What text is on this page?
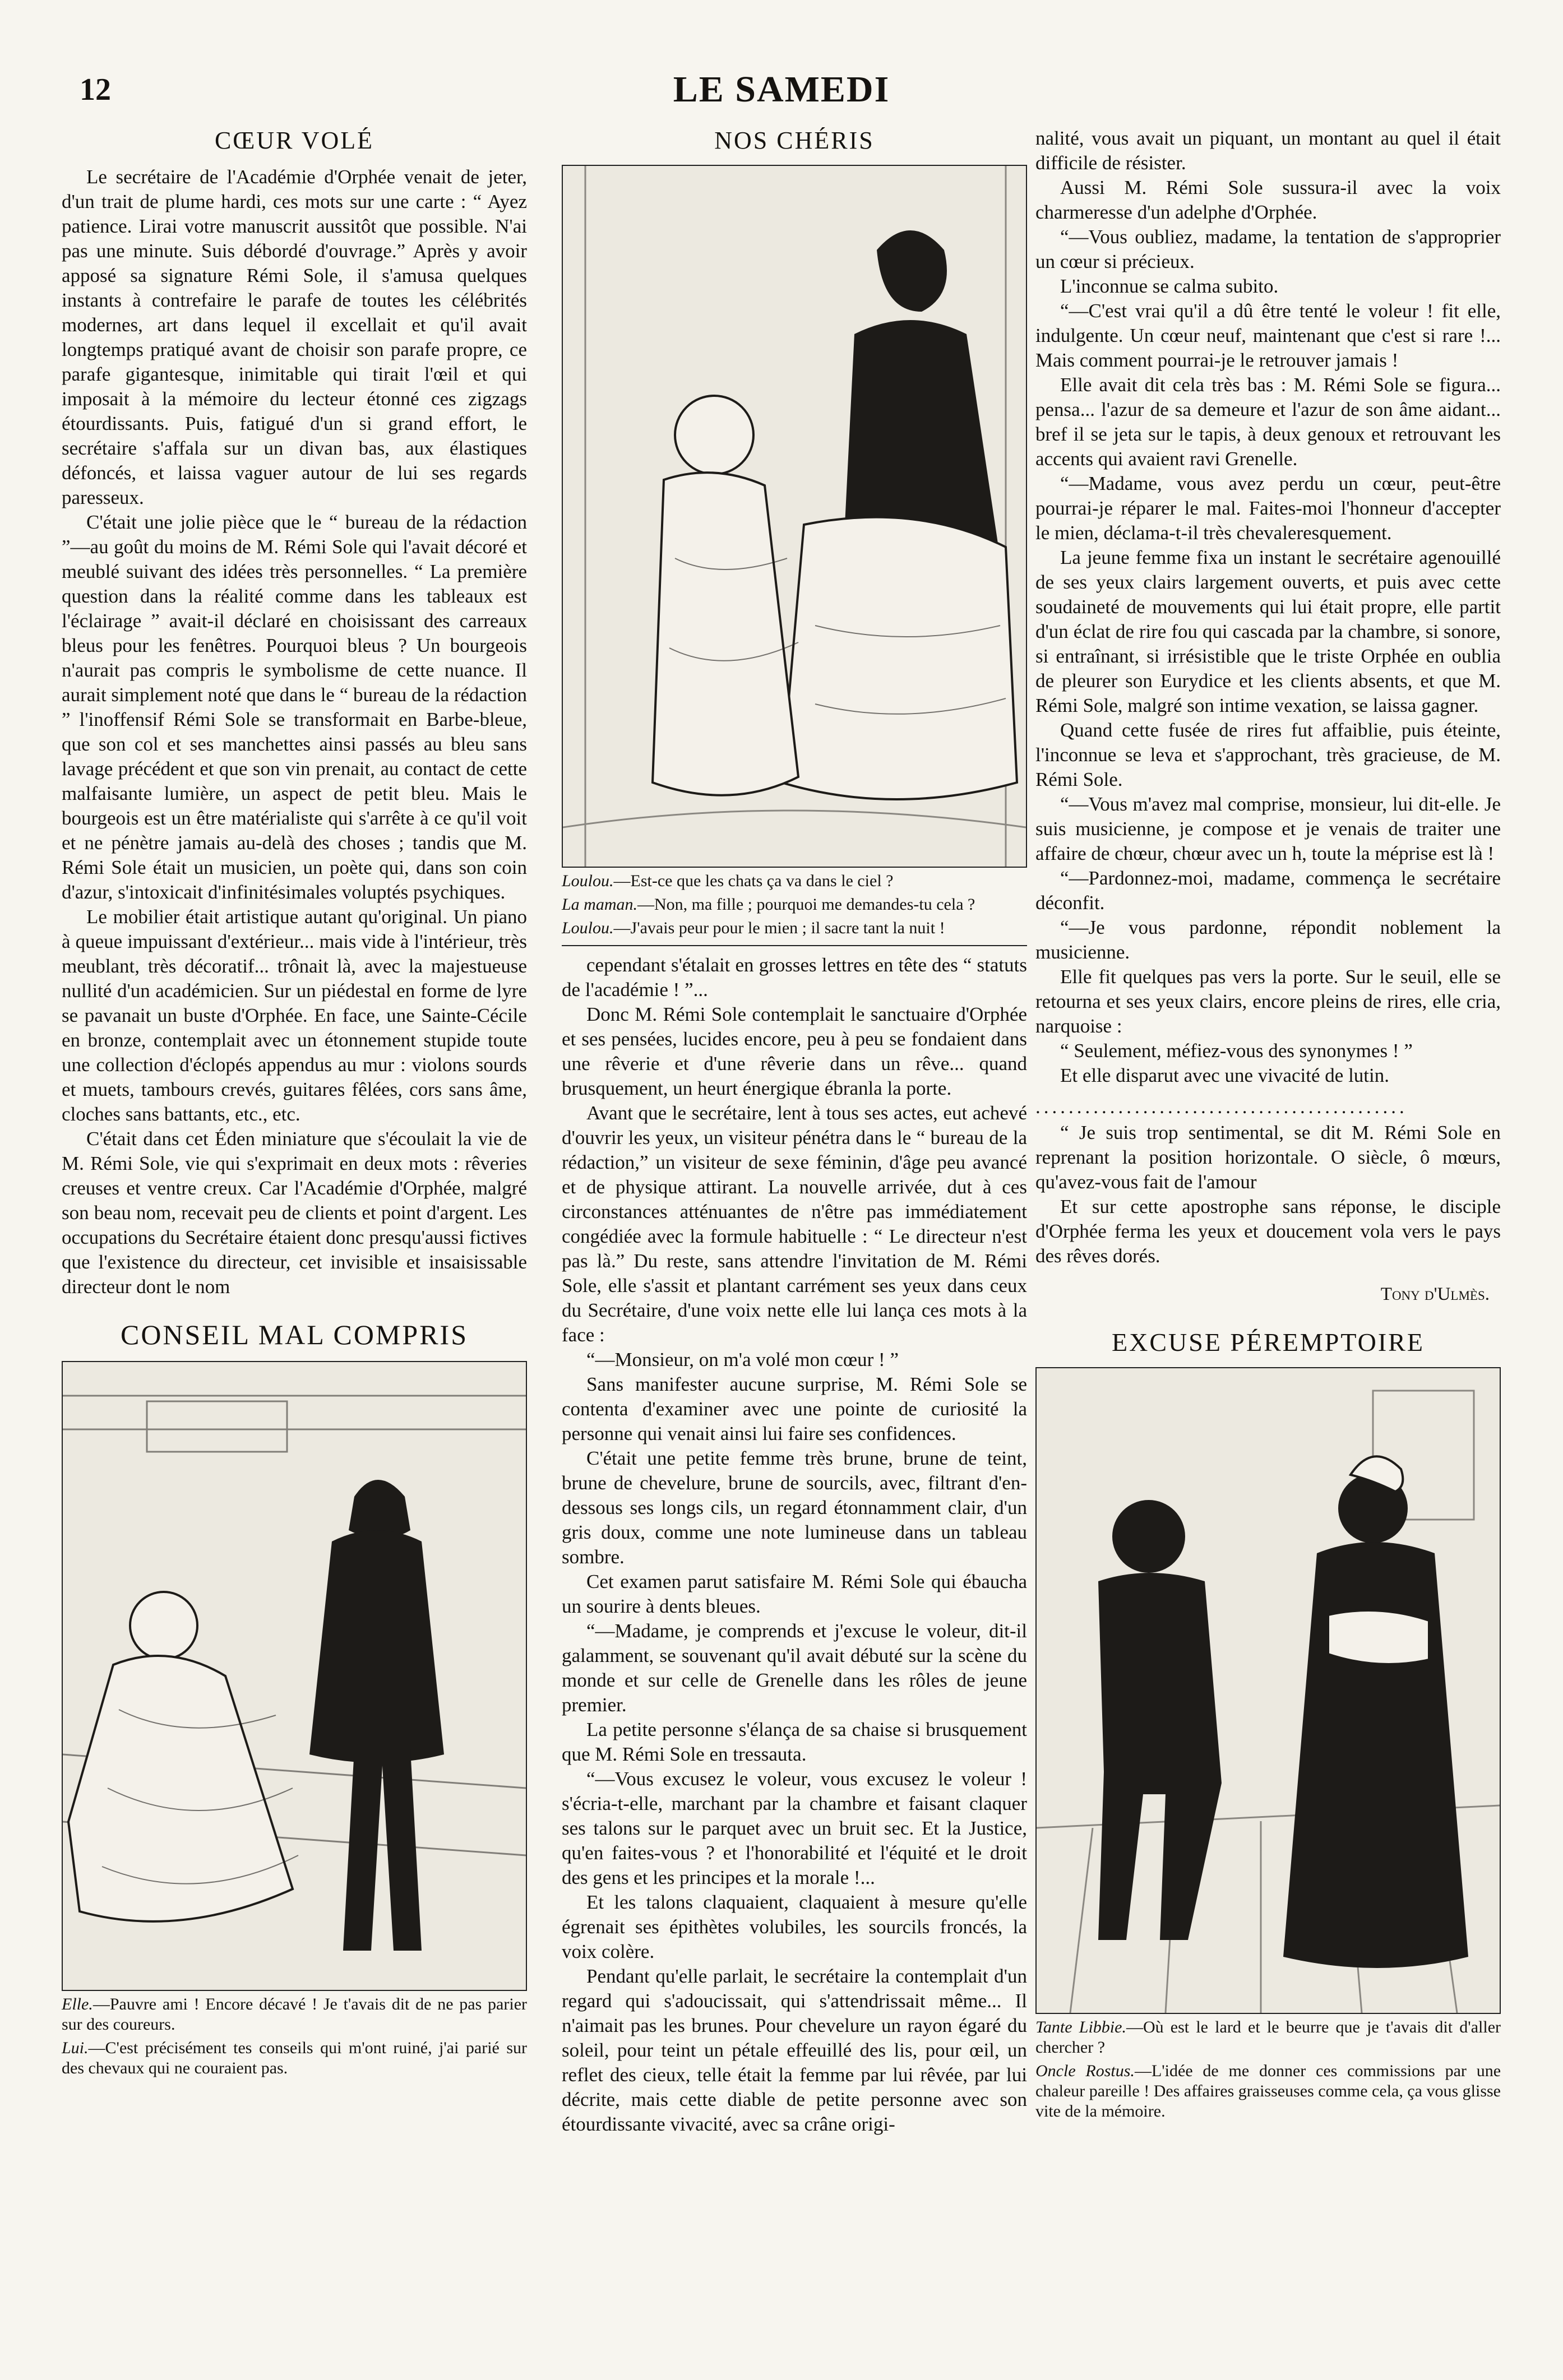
12	LE SAMEDI
CŒUR VOLÉ

Le secrétaire de l'Académie d'Orphée venait de jeter, d'un trait de plume hardi, ces mots sur une carte : “ Ayez patience. Lirai votre manuscrit aussitôt que possible. N'ai pas une minute. Suis débordé d'ouvrage.” Après y avoir apposé sa signature Rémi Sole, il s'amusa quelques instants à contrefaire le parafe de toutes les célébrités modernes, art dans lequel il excellait et qu'il avait longtemps pratiqué avant de choisir son parafe propre, ce parafe gigantesque, inimitable qui tirait l'œil et qui imposait à la mémoire du lecteur étonné ces zigzags étourdissants. Puis, fatigué d'un si grand effort, le secrétaire s'affala sur un divan bas, aux élastiques défoncés, et laissa vaguer autour de lui ses regards paresseux.

C'était une jolie pièce que le “ bureau de la rédaction ”—au goût du moins de M. Rémi Sole qui l'avait décoré et meublé suivant des idées très personnelles. “ La première question dans la réalité comme dans les tableaux est l'éclairage ” avait-il déclaré en choisissant des carreaux bleus pour les fenêtres. Pourquoi bleus ? Un bourgeois n'aurait pas compris le symbolisme de cette nuance. Il aurait simplement noté que dans le “ bureau de la rédaction ” l'inoffensif Rémi Sole se transformait en Barbe-bleue, que son col et ses manchettes ainsi passés au bleu sans lavage précédent et que son vin prenait, au contact de cette malfaisante lumière, un aspect de petit bleu. Mais le bourgeois est un être matérialiste qui s'arrête à ce qu'il voit et ne pénètre jamais au-delà des choses ; tandis que M. Rémi Sole était un musicien, un poète qui, dans son coin d'azur, s'intoxicait d'infinitésimales voluptés psychiques.

Le mobilier était artistique autant qu'original. Un piano à queue impuissant d'extérieur... mais vide à l'intérieur, très meublant, très décoratif... trônait là, avec la majestueuse nullité d'un académicien. Sur un piédestal en forme de lyre se pavanait un buste d'Orphée. En face, une Sainte-Cécile en bronze, contemplait avec un étonnement stupide toute une collection d'éclopés appendus au mur : violons sourds et muets, tambours crevés, guitares fêlées, cors sans âme, cloches sans battants, etc., etc.

C'était dans cet Éden miniature que s'écoulait la vie de M. Rémi Sole, vie qui s'exprimait en deux mots : rêveries creuses et ventre creux. Car l'Académie d'Orphée, malgré son beau nom, recevait peu de clients et point d'argent. Les occupations du Secrétaire étaient donc presqu'aussi fictives que l'existence du directeur, cet invisible et insaisissable directeur dont le nom

CONSEIL MAL COMPRIS

Elle.—Pauvre ami ! Encore décavé ! Je t'avais dit de ne pas parier sur des coureurs.

Lui.—C'est précisément tes conseils qui m'ont ruiné, j'ai parié sur des chevaux qui ne couraient pas.

NOS CHÉRIS

Loulou.—Est-ce que les chats ça va dans le ciel ?

La maman.—Non, ma fille ; pourquoi me demandes-tu cela ?

Loulou.—J'avais peur pour le mien ; il sacre tant la nuit !

cependant s'étalait en grosses lettres en tête des “ statuts de l'académie ! ”...

Donc M. Rémi Sole contemplait le sanctuaire d'Orphée et ses pensées, lucides encore, peu à peu se fondaient dans une rêverie et d'une rêverie dans un rêve... quand brusquement, un heurt énergique ébranla la porte.

Avant que le secrétaire, lent à tous ses actes, eut achevé d'ouvrir les yeux, un visiteur pénétra dans le “ bureau de la rédaction,” un visiteur de sexe féminin, d'âge peu avancé et de physique attirant. La nouvelle arrivée, dut à ces circonstances atténuantes de n'être pas immédiatement congédiée avec la formule habituelle : “ Le directeur n'est pas là.” Du reste, sans attendre l'invitation de M. Rémi Sole, elle s'assit et plantant carrément ses yeux dans ceux du Secrétaire, d'une voix nette elle lui lança ces mots à la face :

“—Monsieur, on m'a volé mon cœur ! ”

Sans manifester aucune surprise, M. Rémi Sole se contenta d'examiner avec une pointe de curiosité la personne qui venait ainsi lui faire ses confidences.

C'était une petite femme très brune, brune de teint, brune de chevelure, brune de sourcils, avec, filtrant d'en-dessous ses longs cils, un regard étonnamment clair, d'un gris doux, comme une note lumineuse dans un tableau sombre.

Cet examen parut satisfaire M. Rémi Sole qui ébaucha un sourire à dents bleues.

“—Madame, je comprends et j'excuse le voleur, dit-il galamment, se souvenant qu'il avait débuté sur la scène du monde et sur celle de Grenelle dans les rôles de jeune premier.

La petite personne s'élança de sa chaise si brusquement que M. Rémi Sole en tressauta.

“—Vous excusez le voleur, vous excusez le voleur ! s'écria-t-elle, marchant par la chambre et faisant claquer ses talons sur le parquet avec un bruit sec. Et la Justice, qu'en faites-vous ? et l'honorabilité et l'équité et le droit des gens et les principes et la morale !...

Et les talons claquaient, claquaient à mesure qu'elle égrenait ses épithètes volubiles, les sourcils froncés, la voix colère.

Pendant qu'elle parlait, le secrétaire la contemplait d'un regard qui s'adoucissait, qui s'attendrissait même... Il n'aimait pas les brunes. Pour chevelure un rayon égaré du soleil, pour teint un pétale effeuillé des lis, pour œil, un reflet des cieux, telle était la femme par lui rêvée, par lui décrite, mais cette diable de petite personne avec son étourdissante vivacité, avec sa crâne origi-

nalité, vous avait un piquant, un montant au quel il était difficile de résister.

Aussi M. Rémi Sole sussura-il avec la voix charmeresse d'un adelphe d'Orphée.

“—Vous oubliez, madame, la tentation de s'approprier un cœur si précieux.

L'inconnue se calma subito.

“—C'est vrai qu'il a dû être tenté le voleur ! fit elle, indulgente. Un cœur neuf, maintenant que c'est si rare !... Mais comment pourrai-je le retrouver jamais !

Elle avait dit cela très bas : M. Rémi Sole se figura... pensa... l'azur de sa demeure et l'azur de son âme aidant... bref il se jeta sur le tapis, à deux genoux et retrouvant les accents qui avaient ravi Grenelle.

“—Madame, vous avez perdu un cœur, peut-être pourrai-je réparer le mal. Faites-moi l'honneur d'accepter le mien, déclama-t-il très chevaleresquement.

La jeune femme fixa un instant le secrétaire agenouillé de ses yeux clairs largement ouverts, et puis avec cette soudaineté de mouvements qui lui était propre, elle partit d'un éclat de rire fou qui cascada par la chambre, si sonore, si entraînant, si irrésistible que le triste Orphée en oublia de pleurer son Eurydice et les clients absents, et que M. Rémi Sole, malgré son intime vexation, se laissa gagner.

Quand cette fusée de rires fut affaiblie, puis éteinte, l'inconnue se leva et s'approchant, très gracieuse, de M. Rémi Sole.

“—Vous m'avez mal comprise, monsieur, lui dit-elle. Je suis musicienne, je compose et je venais de traiter une affaire de chœur, chœur avec un h, toute la méprise est là !

“—Pardonnez-moi, madame, commença le secrétaire déconfit.

“—Je vous pardonne, répondit noblement la musicienne.

Elle fit quelques pas vers la porte. Sur le seuil, elle se retourna et ses yeux clairs, encore pleins de rires, elle cria, narquoise :

“ Seulement, méfiez-vous des synonymes ! ”

Et elle disparut avec une vivacité de lutin.

.............................................

“ Je suis trop sentimental, se dit M. Rémi Sole en reprenant la position horizontale. O siècle, ô mœurs, qu'avez-vous fait de l'amour

Et sur cette apostrophe sans réponse, le disciple d'Orphée ferma les yeux et doucement vola vers le pays des rêves dorés.

Tony d'Ulmès.
EXCUSE PÉREMPTOIRE

Tante Libbie.—Où est le lard et le beurre que je t'avais dit d'aller chercher ?

Oncle Rostus.—L'idée de me donner ces commissions par une chaleur pareille ! Des affaires graisseuses comme cela, ça vous glisse vite de la mémoire.
